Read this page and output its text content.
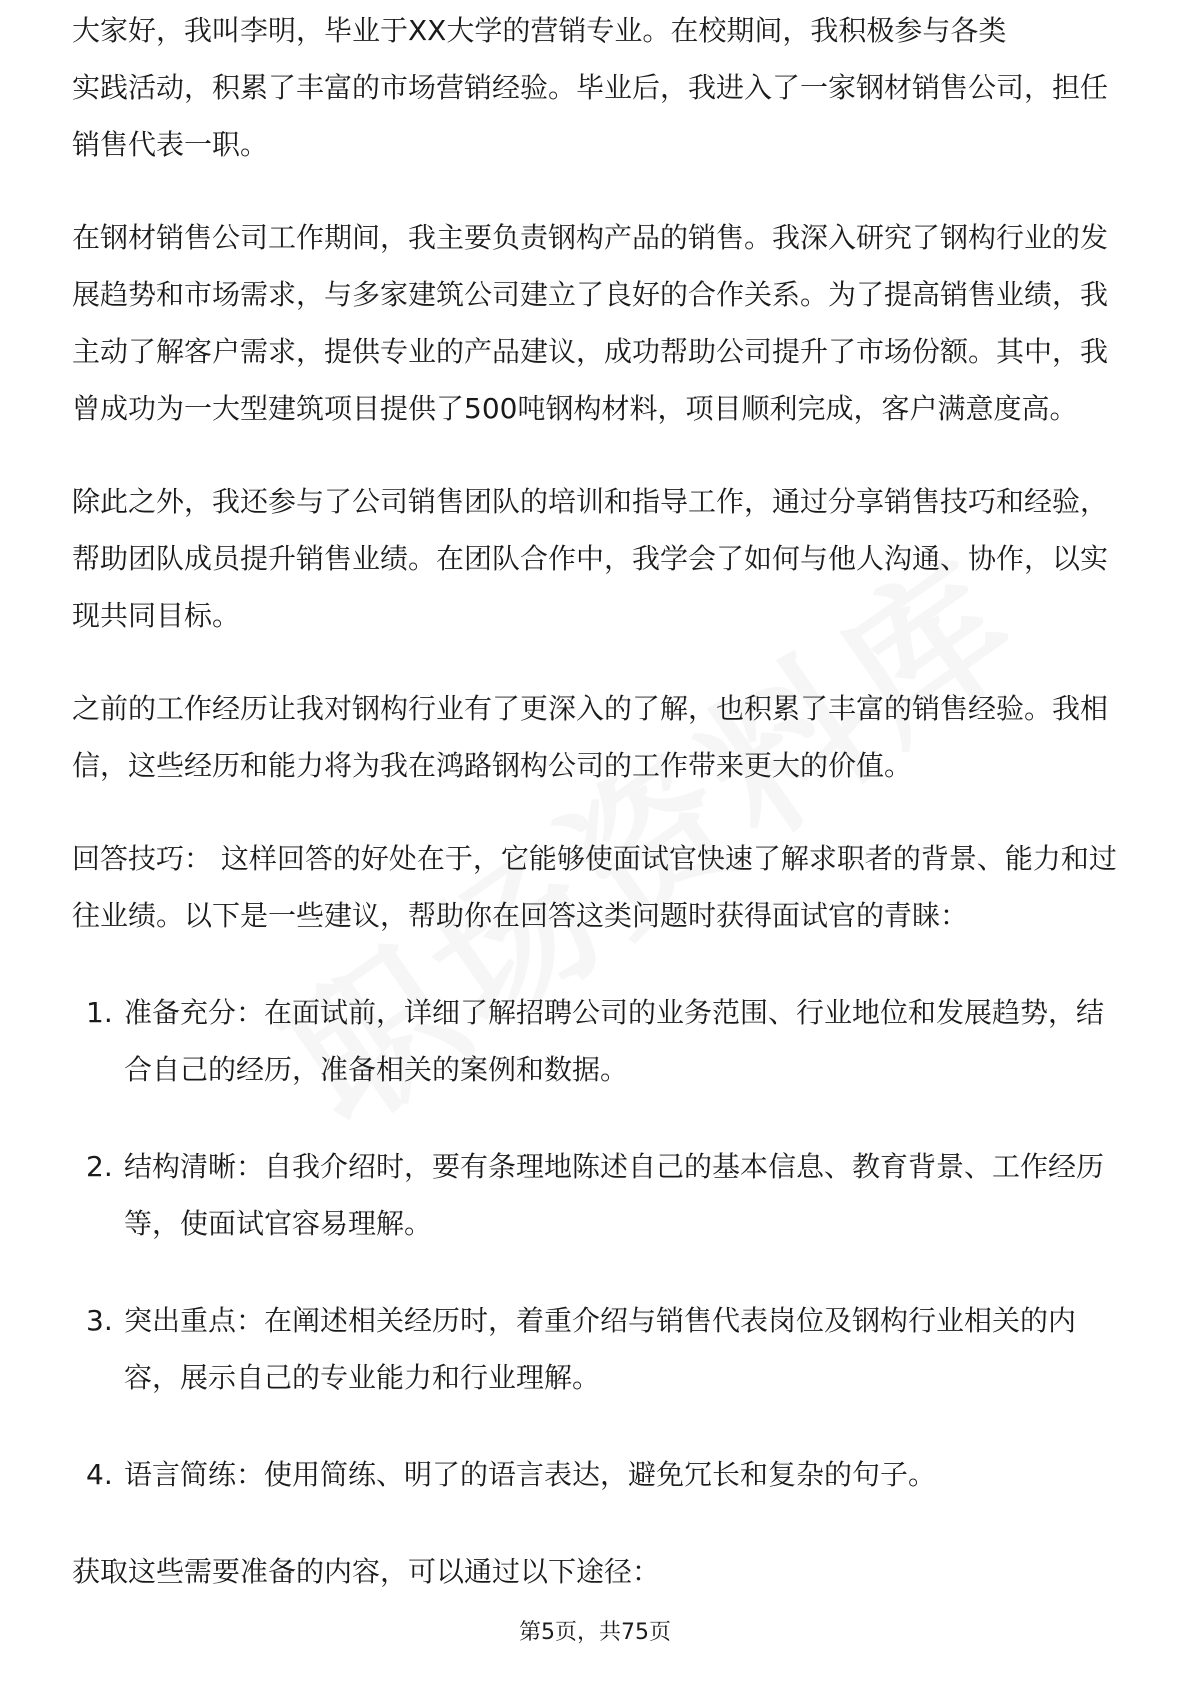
大家好，我叫李明，毕业于XX大学的营销专业。在校期间，我积极参与各类

实践活动，积累了丰富的市场营销经验。毕业后，我进入了一家钢材销售公司，担任销售代表一职。

在钢材销售公司工作期间，我主要负责钢构产品的销售。我深入研究了钢构行业的发展趋势和市场需求，与多家建筑公司建立了良好的合作关系。为了提高销售业绩，我主动了解客户需求，提供专业的产品建议，成功帮助公司提升了市场份额。其中，我曾成功为一大型建筑项目提供了500吨钢构材料，项目顺利完成，客户满意度高。

除此之外，我还参与了公司销售团队的培训和指导工作，通过分享销售技巧和经验，帮助团队成员提升销售业绩。在团队合作中，我学会了如何与他人沟通、协作，以实现共同目标。

之前的工作经历让我对钢构行业有了更深入的了解，也积累了丰富的销售经验。我相信，这些经历和能力将为我在鸿路钢构公司的工作带来更大的价值。

回答技巧： 这样回答的好处在于，它能够使面试官快速了解求职者的背景、能力和过往业绩。以下是一些建议，帮助你在回答这类问题时获得面试官的青睐：

1. 准备充分：在面试前，详细了解招聘公司的业务范围、行业地位和发展趋势，结合自己的经历，准备相关的案例和数据。
2. 结构清晰：自我介绍时，要有条理地陈述自己的基本信息、教育背景、工作经历等，使面试官容易理解。
3. 突出重点：在阐述相关经历时，着重介绍与销售代表岗位及钢构行业相关的内容，展示自己的专业能力和行业理解。
4. 语言简练：使用简练、明了的语言表达，避免冗长和复杂的句子。

获取这些需要准备的内容，可以通过以下途径：

第5页，共75页
